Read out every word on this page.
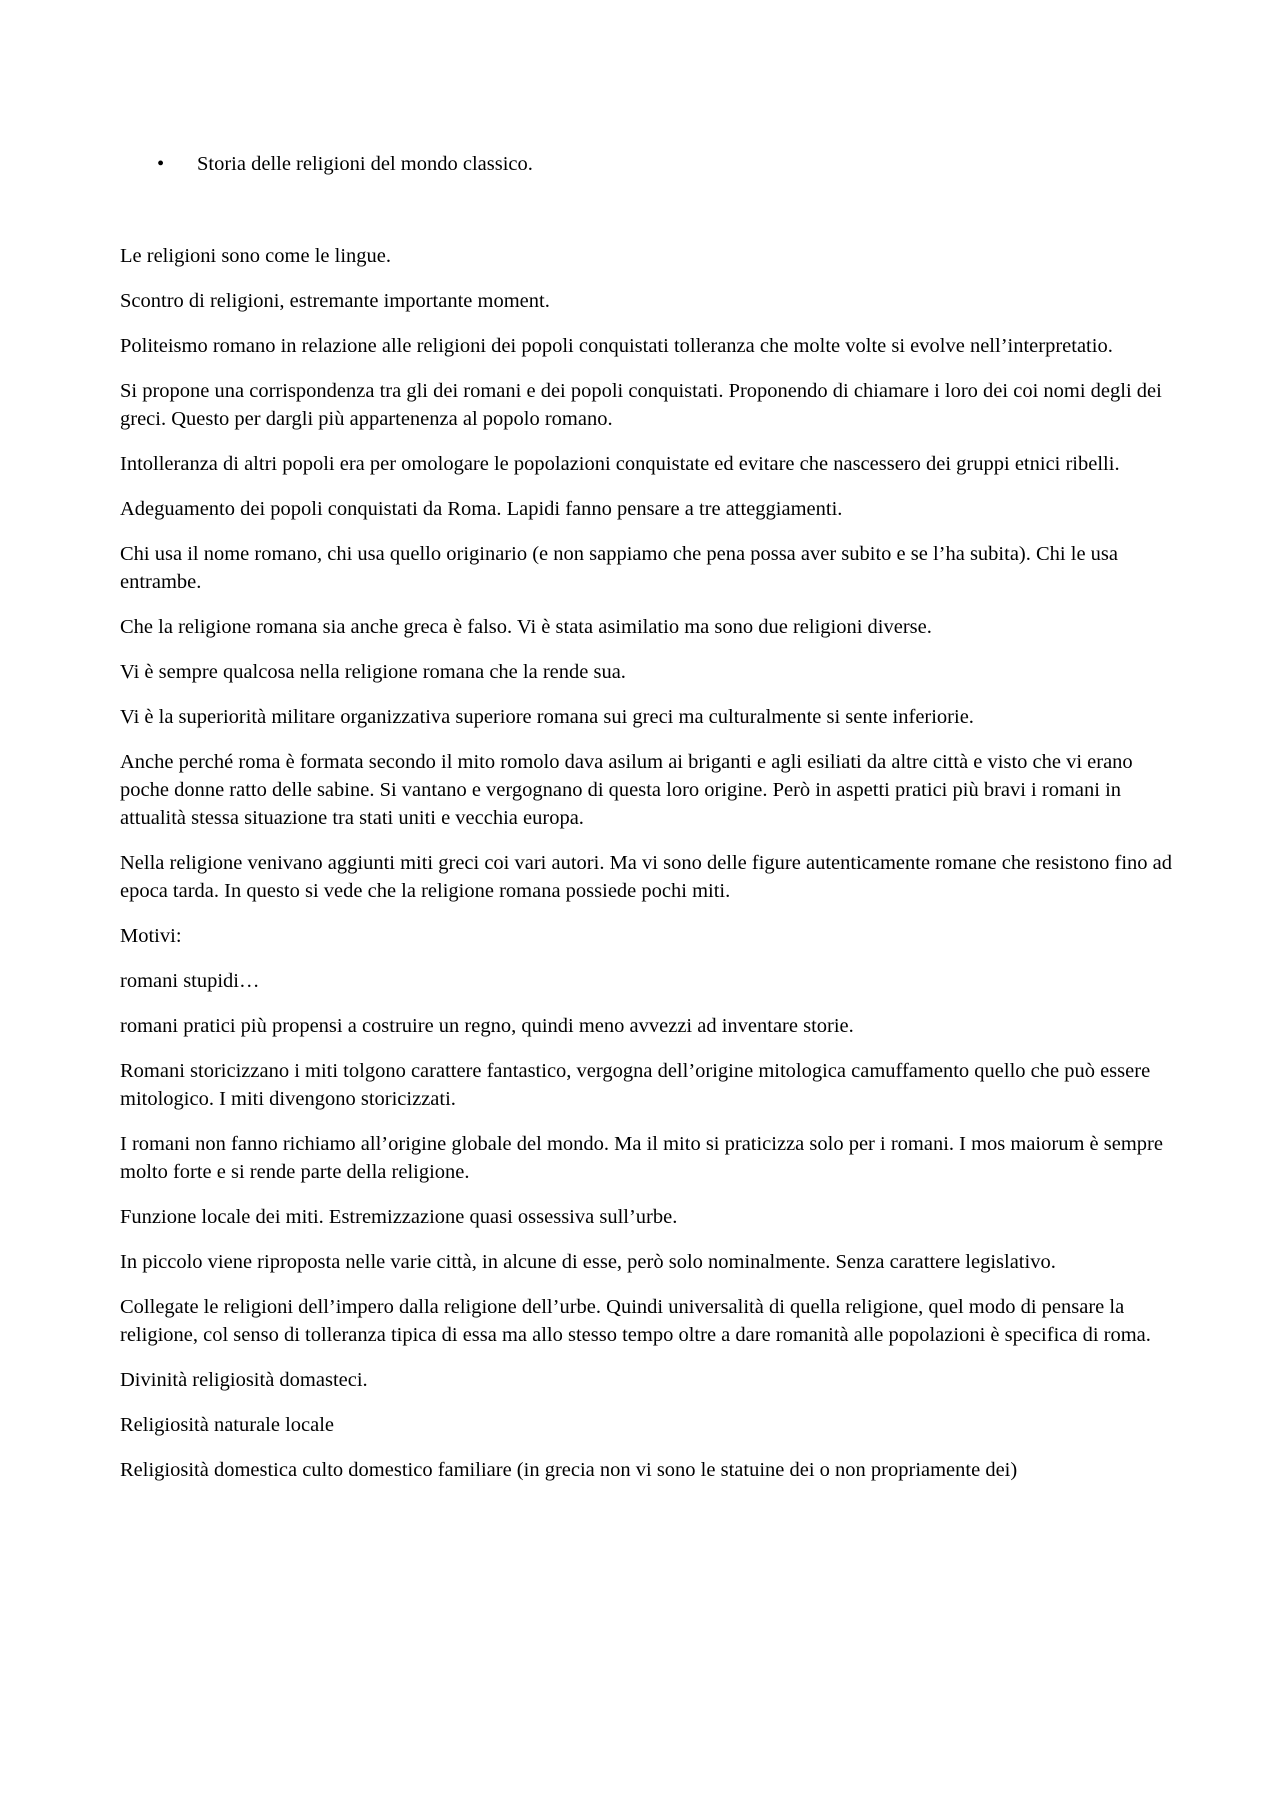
• Storia delle religioni del mondo classico.

Le religioni sono come le lingue.

Scontro di religioni, estremante importante moment.

Politeismo romano in relazione alle religioni dei popoli conquistati tolleranza che molte volte si evolve nell’interpretatio.

Si propone una corrispondenza tra gli dei romani e dei popoli conquistati. Proponendo di chiamare i loro dei coi nomi degli dei greci. Questo per dargli più appartenenza al popolo romano.

Intolleranza di altri popoli era per omologare le popolazioni conquistate ed evitare che nascessero dei gruppi etnici ribelli.

Adeguamento dei popoli conquistati da Roma. Lapidi fanno pensare a tre atteggiamenti.

Chi usa il nome romano, chi usa quello originario (e non sappiamo che pena possa aver subito e se l’ha subita). Chi le usa entrambe.

Che la religione romana sia anche greca è falso. Vi è stata asimilatio ma sono due religioni diverse.

Vi è sempre qualcosa nella religione romana che la rende sua.

Vi è la superiorità militare organizzativa superiore romana sui greci ma culturalmente si sente inferiorie.

Anche perché roma è formata secondo il mito romolo dava asilum ai briganti e agli esiliati da altre città e visto che vi erano poche donne ratto delle sabine. Si vantano e vergognano di questa loro origine. Però in aspetti pratici più bravi i romani in attualità stessa situazione tra stati uniti e vecchia europa.

Nella religione venivano aggiunti miti greci coi vari autori. Ma vi sono delle figure autenticamente romane che resistono fino ad epoca tarda. In questo si vede che la religione romana possiede pochi miti.

Motivi:

romani stupidi…

romani pratici più propensi a costruire un regno, quindi meno avvezzi ad inventare storie.

Romani storicizzano i miti tolgono carattere fantastico, vergogna dell’origine mitologica camuffamento quello che può essere mitologico. I miti divengono storicizzati.

I romani non fanno richiamo all’origine globale del mondo. Ma il mito si praticizza solo per i romani. I mos maiorum è sempre molto forte e si rende parte della religione.

Funzione locale dei miti. Estremizzazione quasi ossessiva sull’urbe.

In piccolo viene riproposta nelle varie città, in alcune di esse, però solo nominalmente. Senza carattere legislativo.

Collegate le religioni dell’impero dalla religione dell’urbe. Quindi universalità di quella religione, quel modo di pensare la religione, col senso di tolleranza tipica di essa ma allo stesso tempo oltre a dare romanità alle popolazioni è specifica di roma.

Divinità religiosità domasteci.

Religiosità naturale locale

Religiosità domestica culto domestico familiare (in grecia non vi sono le statuine dei o non propriamente dei)
